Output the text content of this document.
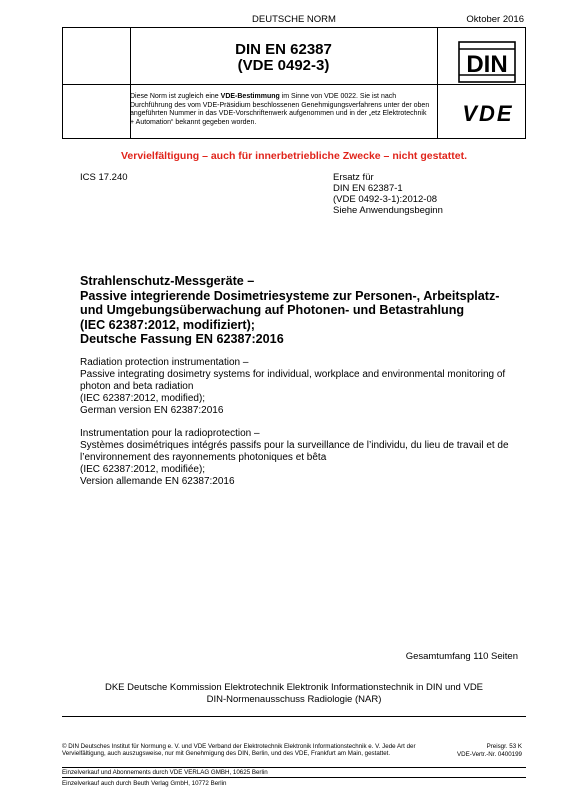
DEUTSCHE NORM	Oktober 2016
DIN EN 62387
(VDE 0492-3)	DIN
VDE
Diese Norm ist zugleich eine VDE-Bestimmung im Sinne von VDE 0022. Sie ist nach Durchführung des vom VDE-Präsidium beschlossenen Genehmigungsverfahrens unter der oben angeführten Nummer in das VDE-Vorschriftenwerk aufgenommen und in der „etz Elektrotechnik + Automation“ bekannt gegeben worden.
Vervielfältigung – auch für innerbetriebliche Zwecke – nicht gestattet.
ICS 17.240	Ersatz für
DIN EN 62387-1
(VDE 0492-3-1):2012-08
Siehe Anwendungsbeginn
Strahlenschutz-Messgeräte –
Passive integrierende Dosimetriesysteme zur Personen-, Arbeitsplatz- und Umgebungsüberwachung auf Photonen- und Betastrahlung
(IEC 62387:2012, modifiziert);
Deutsche Fassung EN 62387:2016
Radiation protection instrumentation –
Passive integrating dosimetry systems for individual, workplace and environmental monitoring of photon and beta radiation
(IEC 62387:2012, modified);
German version EN 62387:2016
Instrumentation pour la radioprotection –
Systèmes dosimétriques intégrés passifs pour la surveillance de l’individu, du lieu de travail et de l’environnement des rayonnements photoniques et bêta
(IEC 62387:2012, modifiée);
Version allemande EN 62387:2016
Gesamtumfang 110 Seiten
DKE Deutsche Kommission Elektrotechnik Elektronik Informationstechnik in DIN und VDE
DIN-Normenausschuss Radiologie (NAR)
© DIN Deutsches Institut für Normung e. V. und VDE Verband der Elektrotechnik Elektronik Informationstechnik e. V. Jede Art der Vervielfältigung, auch auszugsweise, nur mit Genehmigung des DIN, Berlin, und des VDE, Frankfurt am Main, gestattet.
Preisgr. 53 K
VDE-Vertr.-Nr. 0400199
Einzelverkauf und Abonnements durch VDE VERLAG GMBH, 10625 Berlin
Einzelverkauf auch durch Beuth Verlag GmbH, 10772 Berlin
